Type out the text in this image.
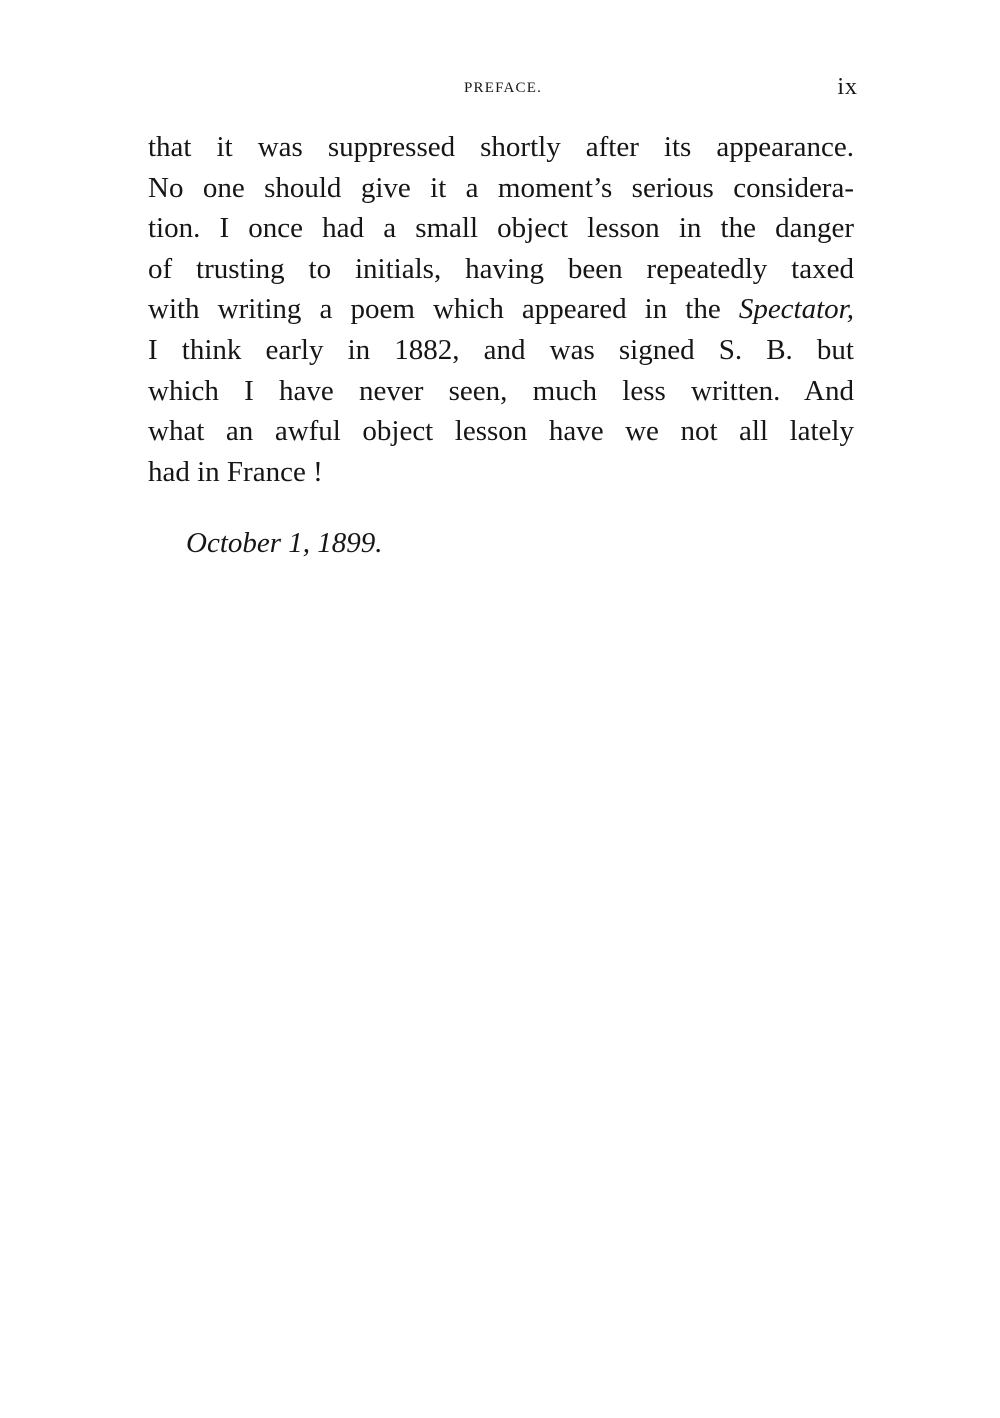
PREFACE.	ix
that it was suppressed shortly after its appearance.
No one should give it a moment’s serious considera-
tion. I once had a small object lesson in the danger
of trusting to initials, having been repeatedly taxed
with writing a poem which appeared in the Spectator,
I think early in 1882, and was signed S. B. but
which I have never seen, much less written. And
what an awful object lesson have we not all lately
had in France !
October 1, 1899.
